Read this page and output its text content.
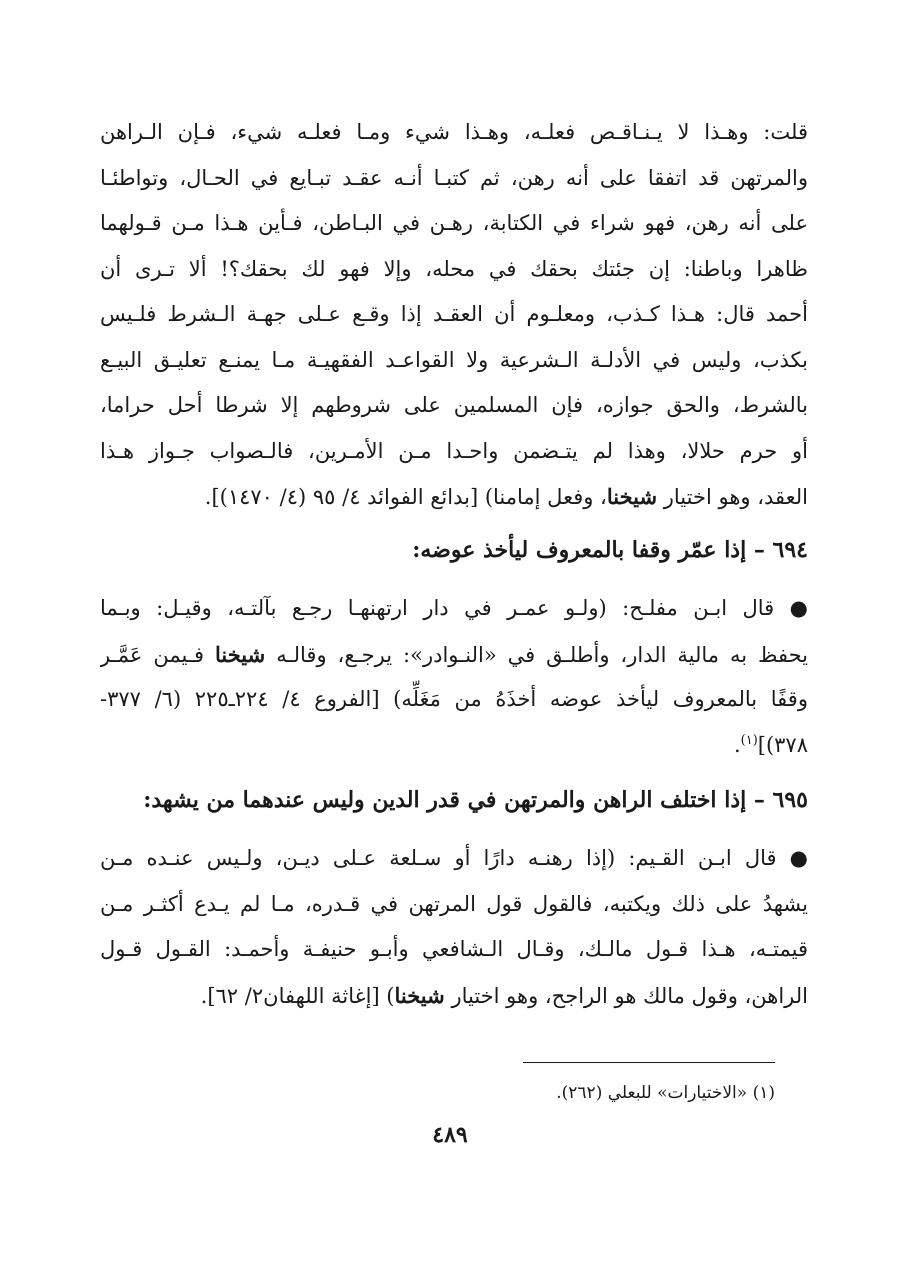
قلت: وهـذا لا يـنـاقـص فعلـه، وهـذا شيء ومـا فعلـه شيء، فـإن الـراهن
والمرتهن قد اتفقا على أنه رهن، ثم كتبـا أنـه عقـد تبـايع في الحـال، وتواطئـا
على أنه رهن، فهو شراء في الكتابة، رهـن في البـاطن، فـأين هـذا مـن قـولهما
ظاهرا وباطنا: إن جئتك بحقك في محله، وإلا فهو لك بحقك؟! ألا تـرى أن
أحمد قال: هـذا كـذب، ومعلـوم أن العقـد إذا وقـع عـلى جهـة الـشرط فلـيس
بكذب، وليس في الأدلـة الـشرعية ولا القواعـد الفقهيـة مـا يمنـع تعليـق البيـع
بالشرط، والحق جوازه، فإن المسلمين على شروطهم إلا شرطا أحل حراما،
أو حرم حلالا، وهذا لم يتـضمن واحـدا مـن الأمـرين، فالـصواب جـواز هـذا
العقد، وهو اختيار شيخنا، وفعل إمامنا) [بدائع الفوائد ٤/ ٩٥ (٤/ ١٤٧٠)].
٦٩٤ – إذا عمّر وقفا بالمعروف ليأخذ عوضه:
● قال ابـن مفلـح: (ولـو عمـر في دار ارتهنهـا رجـع بآلتـه، وقيـل: وبـما
يحفظ به مالية الدار، وأطلـق في «النـوادر»: يرجـع، وقالـه شيخنا فـيمن عَمَّـر
وقفًا بالمعروف ليأخذ عوضه أخذَهُ من مَغَلِّه) [الفروع ٤/ ٢٢٤ـ٢٢٥ (٦/ ٣٧٧-
٣٧٨)]$^{(١)}$.
٦٩٥ – إذا اختلف الراهن والمرتهن في قدر الدين وليس عندهما من يشهد:
● قال ابـن القـيم: (إذا رهنـه دارًا أو سـلعة عـلى ديـن، ولـيس عنـده مـن
يشهدُ على ذلك ويكتبه، فالقول قول المرتهن في قـدره، مـا لم يـدع أكثـر مـن
قيمتـه، هـذا قـول مالـك، وقـال الـشافعي وأبـو حنيفـة وأحمـد: القـول قـول
الراهن، وقول مالك هو الراجح، وهو اختيار شيخنا) [إغاثة اللهفان٢/ ٦٢].
(١) «الاختيارات» للبعلي (٢٦٢).
٤٨٩
